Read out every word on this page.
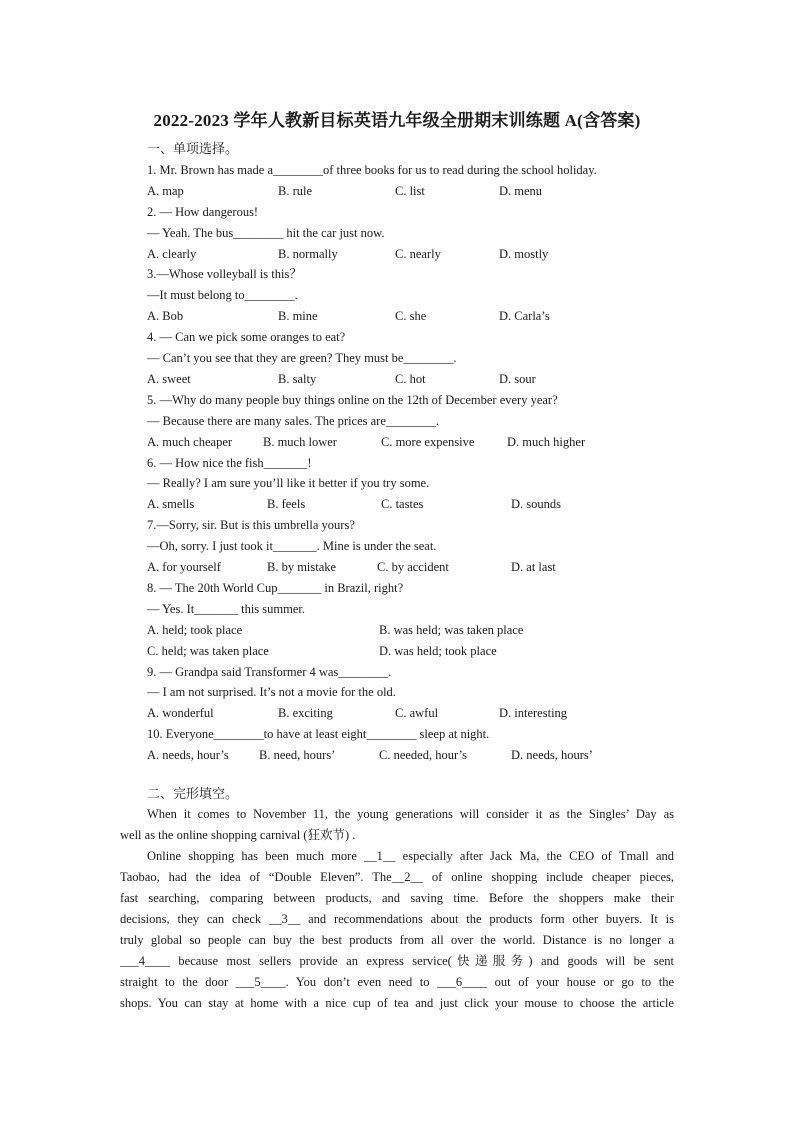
2022-2023 学年人教新目标英语九年级全册期末训练题 A(含答案)
一、单项选择。
1. Mr. Brown has made a________of three books for us to read during the school holiday.
A. map	B. rule	C. list	D. menu
2. — How dangerous!
— Yeah. The bus________ hit the car just now.
A. clearly	B. normally	C. nearly	D. mostly
3.—Whose volleyball is this？
—It must belong to________.
A. Bob	B. mine	C. she	D. Carla’s
4. — Can we pick some oranges to eat?
— Can’t you see that they are green? They must be________.
A. sweet	B. salty	C. hot	D. sour
5. —Why do many people buy things online on the 12th of December every year?
— Because there are many sales. The prices are________.
A. much cheaper B. much lower	C. more expensive	D. much higher
6. — How nice the fish_______!
— Really? I am sure you’ll like it better if you try some.
A. smells	B. feels	C. tastes	D. sounds
7.—Sorry, sir. But is this umbrella yours?
—Oh, sorry. I just took it_______. Mine is under the seat.
A. for yourself	B. by mistake	C. by accident	D. at last
8. — The 20th World Cup_______ in Brazil, right?
— Yes. It_______ this summer.
A. held; took place	B. was held; was taken place
C. held; was taken place	D. was held; took place
9. — Grandpa said Transformer 4 was________.
— I am not surprised. It’s not a movie for the old.
A. wonderful	B. exciting	C. awful	D. interesting
10. Everyone________to have at least eight________ sleep at night.
A. needs, hour’s B. need, hours’	C. needed, hour’s	D. needs, hours’
二、完形填空。
When it comes to November 11, the young generations will consider it as the Singles’ Day as
well as the online shopping carnival (狂欢节) .
Online shopping has been much more __1__ especially after Jack Ma, the CEO of Tmall and
Taobao, had the idea of “Double Eleven”. The__2__ of online shopping include cheaper pieces,
fast searching, comparing between products, and saving time. Before the shoppers make their
decisions, they can check __3__ and recommendations about the products form other buyers. It is
truly global so people can buy the best products from all over the world. Distance is no longer a
___4____ because most sellers provide an express service(快递服务) and goods will be sent
straight to the door ___5____. You don’t even need to ___6____ out of your house or go to the
shops. You can stay at home with a nice cup of tea and just click your mouse to choose the article
